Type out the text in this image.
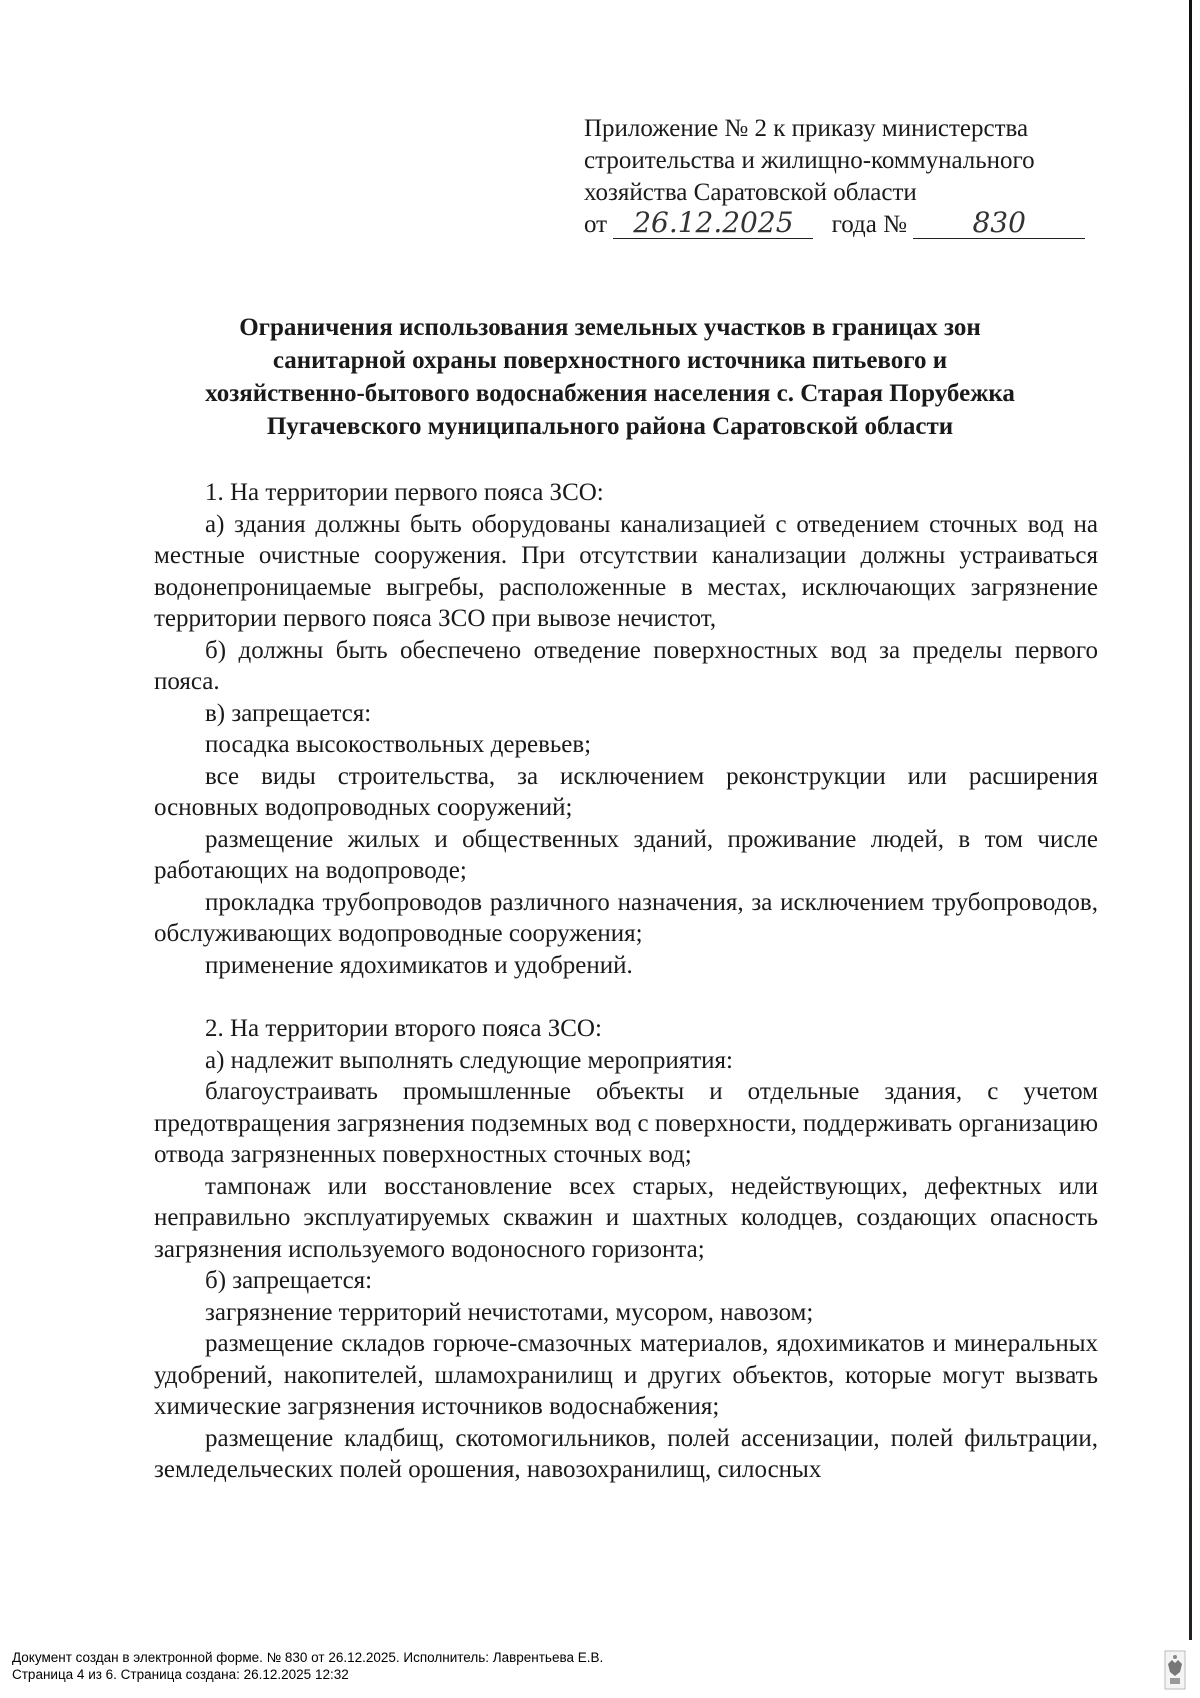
Приложение № 2 к приказу министерства
строительства и жилищно-коммунального
хозяйства Саратовской области
от 26.12.2025 года № 830
Ограничения использования земельных участков в границах зон
санитарной охраны поверхностного источника питьевого и
хозяйственно-бытового водоснабжения населения с. Старая Порубежка
Пугачевского муниципального района Саратовской области

1. На территории первого пояса ЗСО:

а) здания должны быть оборудованы канализацией с отведением сточных вод на местные очистные сооружения. При отсутствии канализации должны устраиваться водонепроницаемые выгребы, расположенные в местах, исключающих загрязнение территории первого пояса ЗСО при вывозе нечистот,

б) должны быть обеспечено отведение поверхностных вод за пределы первого пояса.

в) запрещается:

посадка высокоствольных деревьев;

все виды строительства, за исключением реконструкции или расширения основных водопроводных сооружений;

размещение жилых и общественных зданий, проживание людей, в том числе работающих на водопроводе;

прокладка трубопроводов различного назначения, за исключением трубопроводов, обслуживающих водопроводные сооружения;

применение ядохимикатов и удобрений.

2. На территории второго пояса ЗСО:

а) надлежит выполнять следующие мероприятия:

благоустраивать промышленные объекты и отдельные здания, с учетом предотвращения загрязнения подземных вод с поверхности, поддерживать организацию отвода загрязненных поверхностных сточных вод;

тампонаж или восстановление всех старых, недействующих, дефектных или неправильно эксплуатируемых скважин и шахтных колодцев, создающих опасность загрязнения используемого водоносного горизонта;

б) запрещается:

загрязнение территорий нечистотами, мусором, навозом;

размещение складов горюче-смазочных материалов, ядохимикатов и минеральных удобрений, накопителей, шламохранилищ и других объектов, которые могут вызвать химические загрязнения источников водоснабжения;

размещение кладбищ, скотомогильников, полей ассенизации, полей фильтрации, земледельческих полей орошения, навозохранилищ, силосных

Документ создан в электронной форме. № 830 от 26.12.2025. Исполнитель: Лаврентьева Е.В.
Страница 4 из 6. Страница создана: 26.12.2025 12:32
